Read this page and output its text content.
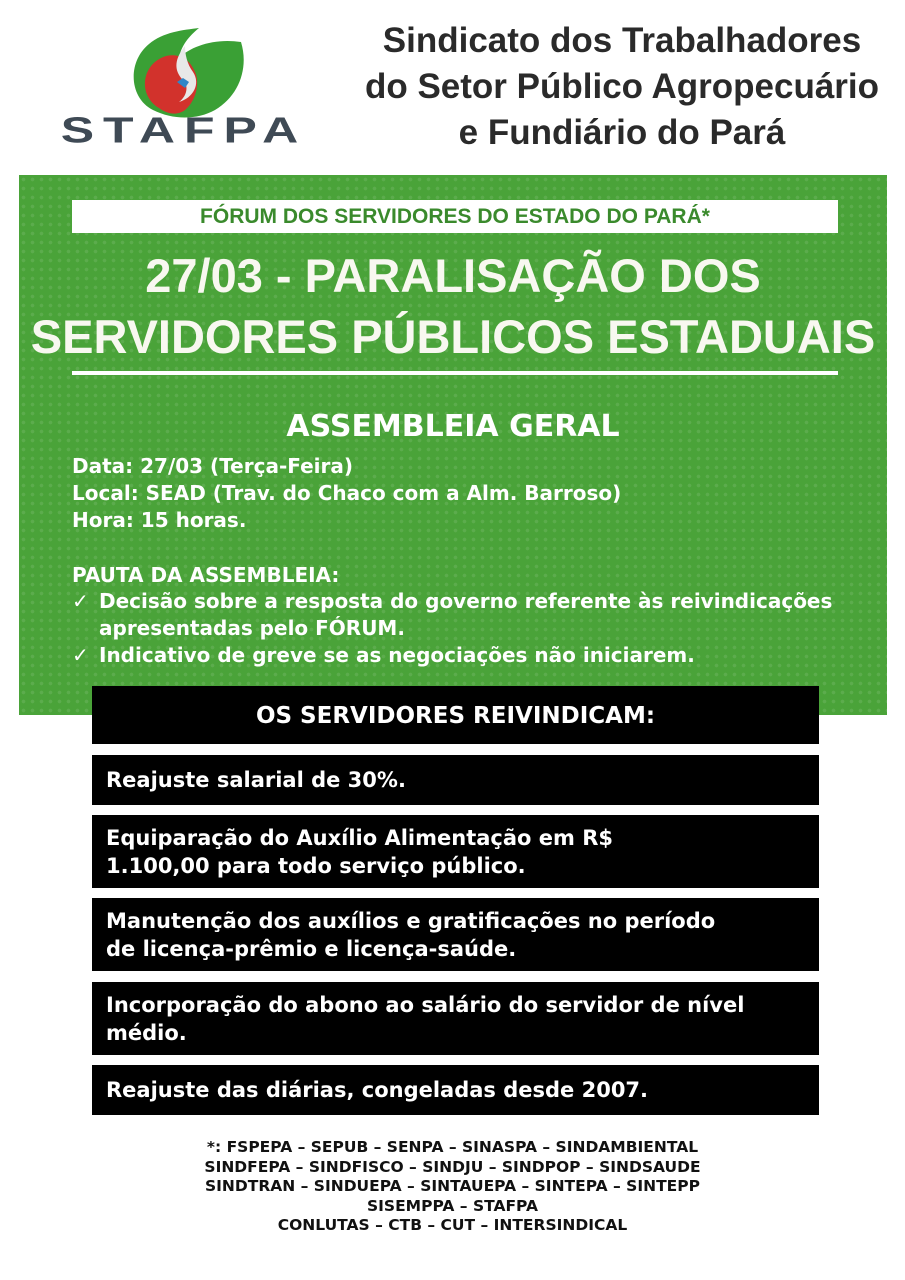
STAFPA
Sindicato dos Trabalhadores
do Setor Público Agropecuário
e Fundiário do Pará
FÓRUM DOS SERVIDORES DO ESTADO DO PARÁ*
27/03 - PARALISAÇÃO DOS
SERVIDORES PÚBLICOS ESTADUAIS
ASSEMBLEIA GERAL
Data: 27/03 (Terça-Feira)
Local: SEAD (Trav. do Chaco com a Alm. Barroso)
Hora: 15 horas.
PAUTA DA ASSEMBLEIA:
✓ Decisão sobre a resposta do governo referente às reivindicações apresentadas pelo FÓRUM.
✓ Indicativo de greve se as negociações não iniciarem.
OS SERVIDORES REIVINDICAM:
Reajuste salarial de 30%.
Equiparação do Auxílio Alimentação em R$ 1.100,00 para todo serviço público.
Manutenção dos auxílios e gratificações no período de licença-prêmio e licença-saúde.
Incorporação do abono ao salário do servidor de nível médio.
Reajuste das diárias, congeladas desde 2007.
*: FSPEPA – SEPUB – SENPA – SINASPA – SINDAMBIENTAL
SINDFEPA – SINDFISCO – SINDJU – SINDPOP – SINDSAUDE
SINDTRAN – SINDUEPA – SINTAUEPA – SINTEPA – SINTEPP
SISEMPPA – STAFPA
CONLUTAS – CTB – CUT – INTERSINDICAL
